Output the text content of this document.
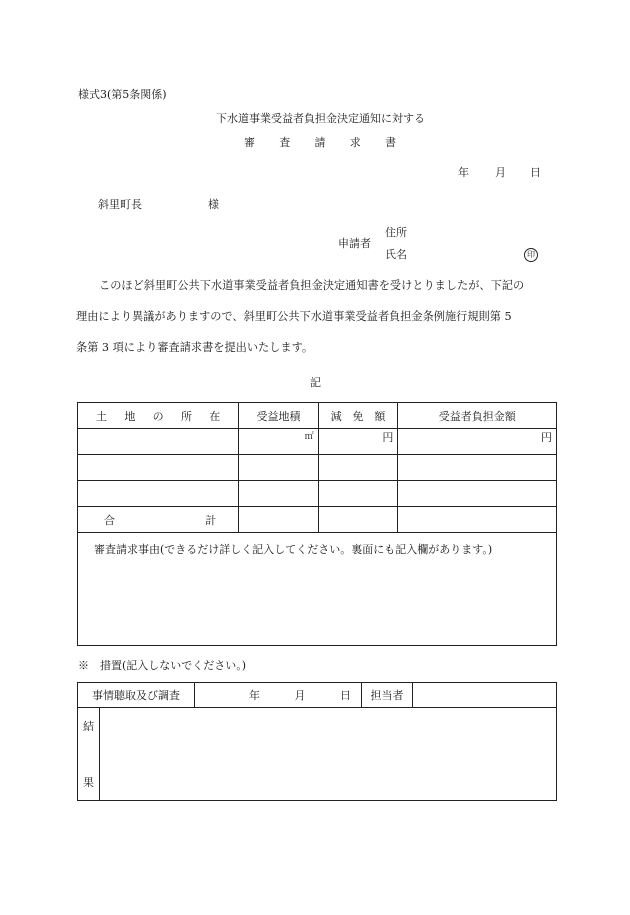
様式3(第5条関係)
下水道事業受益者負担金決定通知に対する
審 査 請 求 書
年 月 日
斜里町長	様
申請者
住所
氏名	印
このほど斜里町公共下水道事業受益者負担金決定通知書を受けとりましたが、下記の
理由により異議がありますので、斜里町公共下水道事業受益者負担金条例施行規則第 5
条第 3 項により審査請求書を提出いたします。
記
土 地 の 所 在	受益地積	減 免 額	受益者負担金額
	㎡	円	円

合 計			

審査請求事由(できるだけ詳しく記入してください。裏面にも記入欄があります。)			
※　措置(記入しないでください。)
事情聴取及び調査	年	月	日	担当者	

結
果
